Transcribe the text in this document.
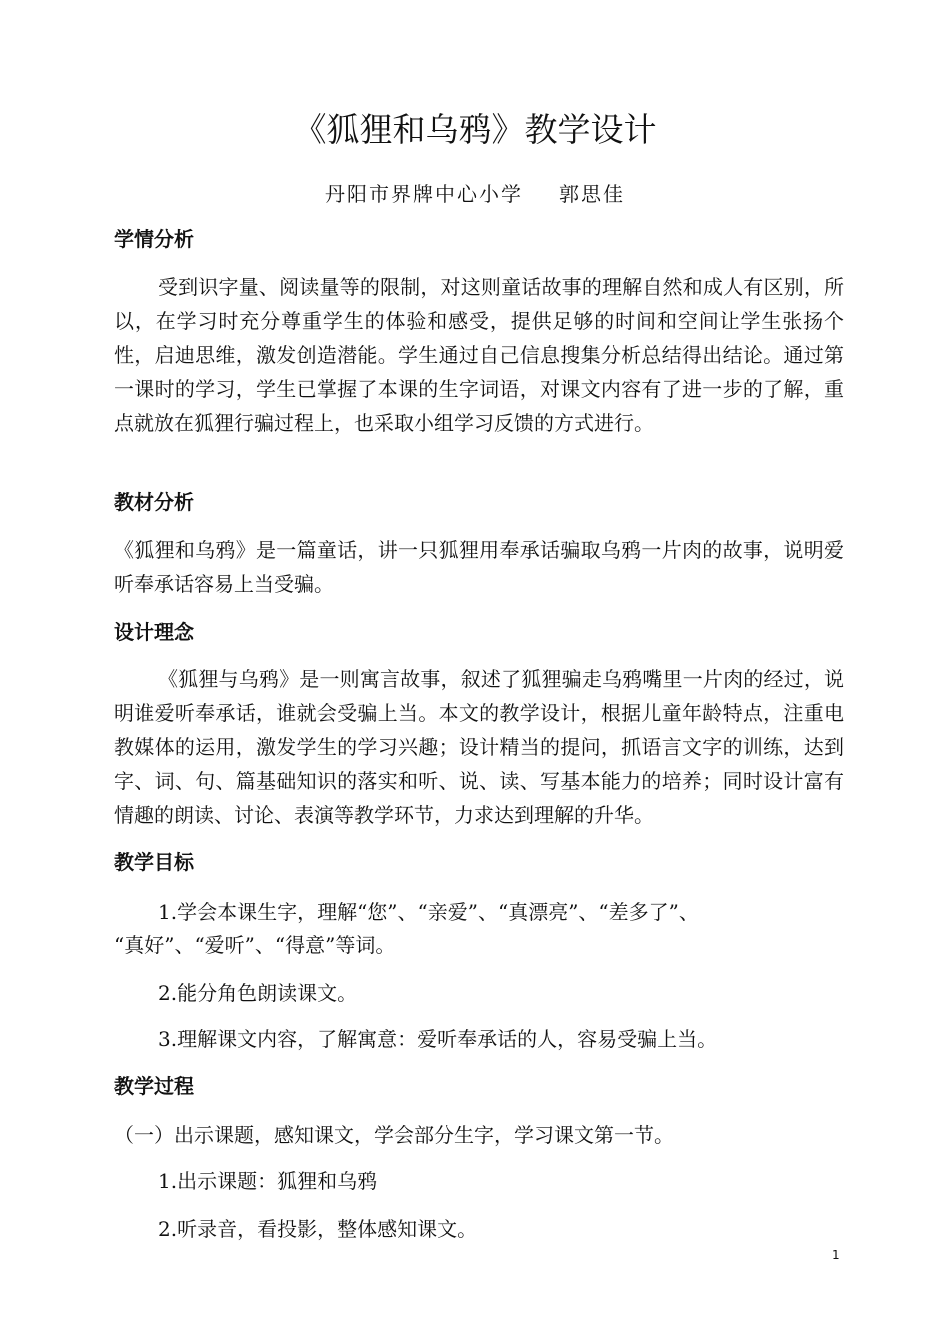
《狐狸和乌鸦》教学设计
丹阳市界牌中心小学 郭思佳
学情分析
受到识字量、阅读量等的限制，对这则童话故事的理解自然和成人有区别，所以，在学习时充分尊重学生的体验和感受，提供足够的时间和空间让学生张扬个性，启迪思维，激发创造潜能。学生通过自己信息搜集分析总结得出结论。通过第一课时的学习，学生已掌握了本课的生字词语，对课文内容有了进一步的了解，重点就放在狐狸行骗过程上，也采取小组学习反馈的方式进行。
教材分析
《狐狸和乌鸦》是一篇童话，讲一只狐狸用奉承话骗取乌鸦一片肉的故事，说明爱听奉承话容易上当受骗。
设计理念
《狐狸与乌鸦》是一则寓言故事，叙述了狐狸骗走乌鸦嘴里一片肉的经过，说明谁爱听奉承话，谁就会受骗上当。本文的教学设计，根据儿童年龄特点，注重电教媒体的运用，激发学生的学习兴趣；设计精当的提问，抓语言文字的训练，达到字、词、句、篇基础知识的落实和听、说、读、写基本能力的培养；同时设计富有情趣的朗读、讨论、表演等教学环节，力求达到理解的升华。
教学目标
1.学会本课生字，理解“您”、“亲爱”、“真漂亮”、“差多了”、
“真好”、“爱听”、“得意”等词。
2.能分角色朗读课文。
3.理解课文内容，了解寓意：爱听奉承话的人，容易受骗上当。
教学过程
（一）出示课题，感知课文，学会部分生字，学习课文第一节。
1.出示课题：狐狸和乌鸦
2.听录音，看投影，整体感知课文。
1
